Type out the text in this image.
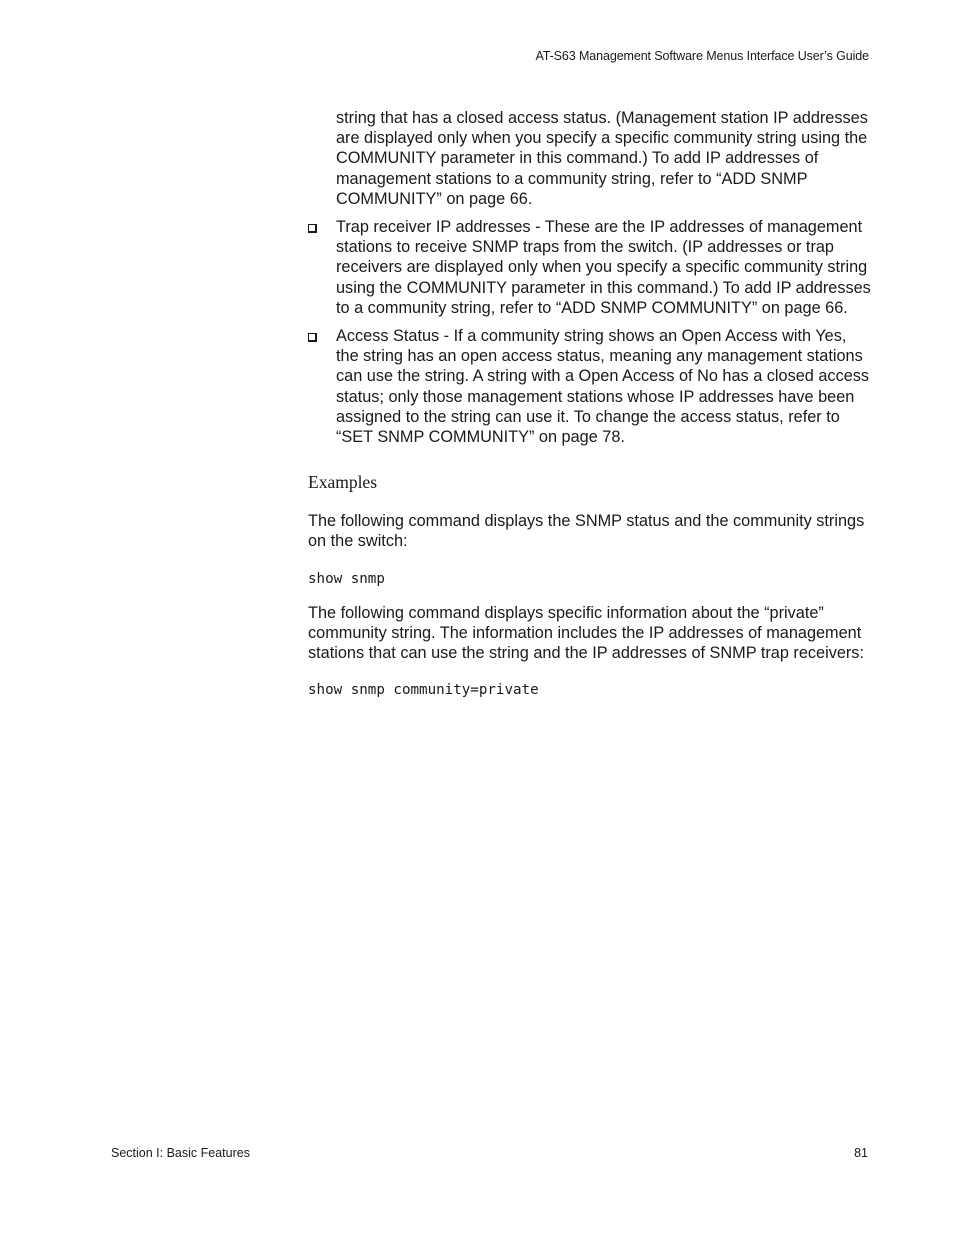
AT-S63 Management Software Menus Interface User’s Guide

string that has a closed access status. (Management station IP addresses are displayed only when you specify a specific community string using the COMMUNITY parameter in this command.) To add IP addresses of management stations to a community string, refer to “ADD SNMP COMMUNITY” on page 66.

Trap receiver IP addresses - These are the IP addresses of management stations to receive SNMP traps from the switch. (IP addresses or trap receivers are displayed only when you specify a specific community string using the COMMUNITY parameter in this command.) To add IP addresses to a community string, refer to “ADD SNMP COMMUNITY” on page 66.

Access Status - If a community string shows an Open Access with Yes, the string has an open access status, meaning any management stations can use the string. A string with a Open Access of No has a closed access status; only those management stations whose IP addresses have been assigned to the string can use it. To change the access status, refer to “SET SNMP COMMUNITY” on page 78.

Examples

The following command displays the SNMP status and the community strings on the switch:

show snmp

The following command displays specific information about the “private” community string. The information includes the IP addresses of management stations that can use the string and the IP addresses of SNMP trap receivers:

show snmp community=private
Section I: Basic Features	81
